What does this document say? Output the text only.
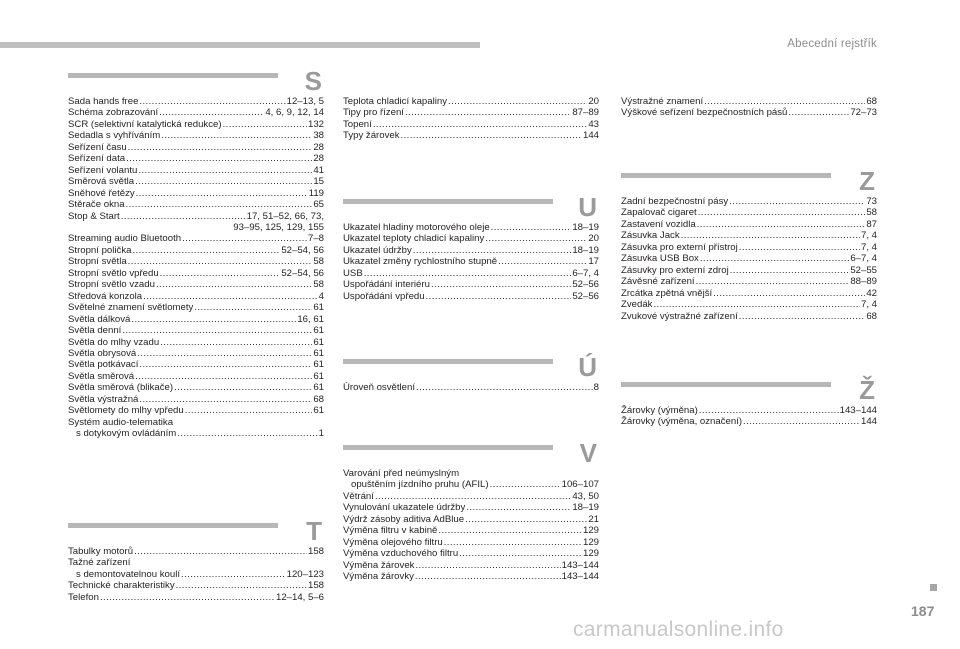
Abecední rejstřík
S
Sada hands free .....	12–13, 5
Schéma zobrazování .....	4, 6, 9, 12, 14
SCR (selektivní katalytická redukce) .....	132
Sedadla s vyhříváním .....	38
Seřízení času .....	28
Seřízení data .....	28
Seřízení volantu .....	41
Směrová světla .....	15
Sněhové řetězy .....	119
Stěrače okna .....	65
Stop & Start .....	17, 51–52, 66, 73,
93–95, 125, 129, 155
Streaming audio Bluetooth .....	7–8
Stropní polička .....	52–54, 56
Stropní světla .....	58
Stropní světlo vpředu .....	52–54, 56
Stropní světlo vzadu .....	58
Středová konzola .....	4
Světelné znamení světlomety .....	61
Světla dálková .....	16, 61
Světla denní .....	61
Světla do mlhy vzadu .....	61
Světla obrysová .....	61
Světla potkávací .....	61
Světla směrová .....	61
Světla směrová (blikače) .....	61
Světla výstražná .....	68
Světlomety do mlhy vpředu .....	61
Systém audio-telematika
s dotykovým ovládáním .....	1
T
Tabulky motorů .....	158
Tažné zařízení
s demontovatelnou koulí .....	120–123
Technické charakteristiky .....	158
Telefon .....	12–14, 5–6
Teplota chladicí kapaliny .....	20
Tipy pro řízení .....	87–89
Topení .....	43
Typy žárovek .....	144
U
Ukazatel hladiny motorového oleje .....	18–19
Ukazatel teploty chladicí kapaliny .....	20
Ukazatel údržby .....	18–19
Ukazatel změny rychlostního stupně .....	17
USB .....	6–7, 4
Uspořádání interiéru .....	52–56
Uspořádání vpředu .....	52–56
Ú
Úroveň osvětlení .....	8
V
Varování před neúmyslným
opuštěním jízdního pruhu (AFIL) .....	106–107
Větrání .....	43, 50
Vynulování ukazatele údržby .....	18–19
Výdrž zásoby aditiva AdBlue .....	21
Výměna filtru v kabině .....	129
Výměna olejového filtru .....	129
Výměna vzduchového filtru .....	129
Výměna žárovek .....	143–144
Výměna žárovky .....	143–144
Výstražné znamení .....	68
Výškové seřízení bezpečnostních pásů .....	72–73
Z
Zadní bezpečnostní pásy .....	73
Zapalovač cigaret .....	58
Zastavení vozidla .....	87
Zásuvka Jack .....	7, 4
Zásuvka pro externí přístroj .....	7, 4
Zásuvka USB Box .....	6–7, 4
Zásuvky pro externí zdroj .....	52–55
Závěsné zařízení .....	88–89
Zrcátka zpětná vnější .....	42
Zvedák .....	7, 4
Zvukové výstražné zařízení .....	68
Ž
Žárovky (výměna) .....	143–144
Žárovky (výměna, označení) .....	144
187
carmanualsonline.info
